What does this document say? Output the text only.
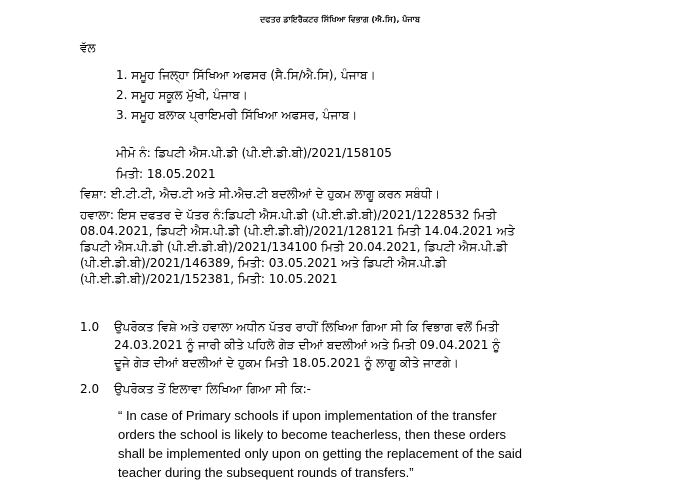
ਦਫਤਰ ਡਾਇਰੈਕਟਰ ਸਿੱਖਿਆ ਵਿਭਾਗ (ਐ.ਸਿ), ਪੰਜਾਬ
ਵੱਲ
1. ਸਮੂਹ ਜਿਲ੍ਹਾ ਸਿੱਖਿਆ ਅਫਸਰ (ਸੈ.ਸਿ/ਐ.ਸਿ), ਪੰਜਾਬ।
2. ਸਮੂਹ ਸਕੂਲ ਮੁੱਖੀ, ਪੰਜਾਬ।
3. ਸਮੂਹ ਬਲਾਕ ਪ੍ਰਾਇਮਰੀ ਸਿੱਖਿਆ ਅਫਸਰ, ਪੰਜਾਬ।
ਮੀਮੋ ਨੰ: ਡਿਪਟੀ ਐਸ.ਪੀ.ਡੀ (ਪੀ.ਈ.ਡੀ.ਬੀ)/2021/158105
ਮਿਤੀ: 18.05.2021
ਵਿਸ਼ਾ: ਈ.ਟੀ.ਟੀ, ਐਚ.ਟੀ ਅਤੇ ਸੀ.ਐਚ.ਟੀ ਬਦਲੀਆਂ ਦੇ ਹੁਕਮ ਲਾਗੂ ਕਰਨ ਸਬੰਧੀ।
ਹਵਾਲਾ: ਇਸ ਦਫਤਰ ਦੇ ਪੱਤਰ ਨੰ:ਡਿਪਟੀ ਐਸ.ਪੀ.ਡੀ (ਪੀ.ਈ.ਡੀ.ਬੀ)/2021/1228532 ਮਿਤੀ
08.04.2021, ਡਿਪਟੀ ਐਸ.ਪੀ.ਡੀ (ਪੀ.ਈ.ਡੀ.ਬੀ)/2021/128121 ਮਿਤੀ 14.04.2021 ਅਤੇ
ਡਿਪਟੀ ਐਸ.ਪੀ.ਡੀ (ਪੀ.ਈ.ਡੀ.ਬੀ)/2021/134100 ਮਿਤੀ 20.04.2021, ਡਿਪਟੀ ਐਸ.ਪੀ.ਡੀ
(ਪੀ.ਈ.ਡੀ.ਬੀ)/2021/146389, ਮਿਤੀ: 03.05.2021 ਅਤੇ ਡਿਪਟੀ ਐਸ.ਪੀ.ਡੀ
(ਪੀ.ਈ.ਡੀ.ਬੀ)/2021/152381, ਮਿਤੀ: 10.05.2021
1.0 ਉਪਰੋਕਤ ਵਿਸ਼ੇ ਅਤੇ ਹਵਾਲਾ ਅਧੀਨ ਪੱਤਰ ਰਾਹੀਂ ਲਿਖਿਆ ਗਿਆ ਸੀ ਕਿ ਵਿਭਾਗ ਵਲੋਂ ਮਿਤੀ
24.03.2021 ਨੂੰ ਜਾਰੀ ਕੀਤੇ ਪਹਿਲੇ ਗੇੜ ਦੀਆਂ ਬਦਲੀਆਂ ਅਤੇ ਮਿਤੀ 09.04.2021 ਨੂੰ
ਦੂਜੇ ਗੇੜ ਦੀਆਂ ਬਦਲੀਆਂ ਦੇ ਹੁਕਮ ਮਿਤੀ 18.05.2021 ਨੂੰ ਲਾਗੂ ਕੀਤੇ ਜਾਣਗੇ।
2.0 ਉਪਰੋਕਤ ਤੋਂ ਇਲਾਵਾ ਲਿਖਿਆ ਗਿਆ ਸੀ ਕਿ:-
“ In case of Primary schools if upon implementation of the transfer
orders the school is likely to become teacherless, then these orders
shall be implemented only upon on getting the replacement of the said
teacher during the subsequent rounds of transfers.”
